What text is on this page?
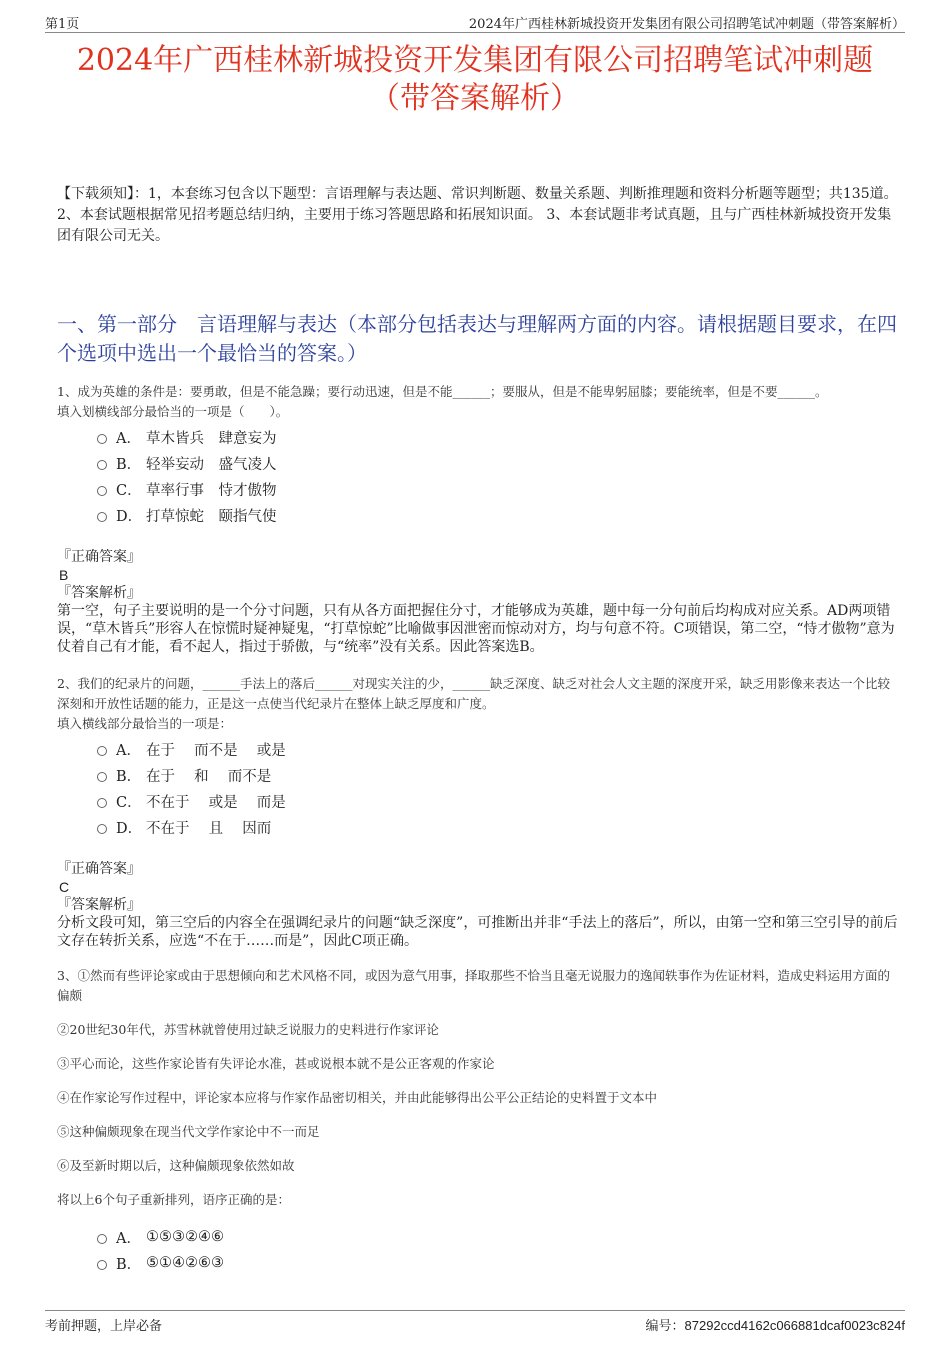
第1页	2024年广西桂林新城投资开发集团有限公司招聘笔试冲刺题（带答案解析）
2024年广西桂林新城投资开发集团有限公司招聘笔试冲刺题
（带答案解析）
【下载须知】：1，本套练习包含以下题型：言语理解与表达题、常识判断题、数量关系题、判断推理题和资料分析题等题型；共135道。 2、本套试题根据常见招考题总结归纳，主要用于练习答题思路和拓展知识面。 3、本套试题非考试真题，且与广西桂林新城投资开发集团有限公司无关。
一、第一部分　言语理解与表达（本部分包括表达与理解两方面的内容。请根据题目要求，在四个选项中选出一个最恰当的答案。）
1、成为英雄的条件是：要勇敢，但是不能急躁；要行动迅速，但是不能______；要服从，但是不能卑躬屈膝；要能统率，但是不要______。
填入划横线部分最恰当的一项是（　　）。
A． 草木皆兵　肆意妄为
B． 轻举妄动　盛气凌人
C． 草率行事　恃才傲物
D． 打草惊蛇　颐指气使
『正确答案』
B
『答案解析』
第一空，句子主要说明的是一个分寸问题，只有从各方面把握住分寸，才能够成为英雄，题中每一分句前后均构成对应关系。AD两项错误，“草木皆兵”形容人在惊慌时疑神疑鬼，“打草惊蛇”比喻做事因泄密而惊动对方，均与句意不符。C项错误，第二空，“恃才傲物”意为仗着自己有才能，看不起人，指过于骄傲，与“统率”没有关系。因此答案选B。
2、我们的纪录片的问题，______手法上的落后______对现实关注的少，______缺乏深度、缺乏对社会人文主题的深度开采，缺乏用影像来表达一个比较深刻和开放性话题的能力，正是这一点使当代纪录片在整体上缺乏厚度和广度。
填入横线部分最恰当的一项是：
A． 在于　 而不是　 或是
B． 在于　 和　 而不是
C． 不在于　 或是　 而是
D． 不在于　 且　 因而
『正确答案』
C
『答案解析』
分析文段可知，第三空后的内容全在强调纪录片的问题“缺乏深度”，可推断出并非“手法上的落后”，所以，由第一空和第三空引导的前后文存在转折关系，应选“不在于……而是”，因此C项正确。
3、①然而有些评论家或由于思想倾向和艺术风格不同，或因为意气用事，择取那些不恰当且毫无说服力的逸闻轶事作为佐证材料，造成史料运用方面的偏颇
②20世纪30年代，苏雪林就曾使用过缺乏说服力的史料进行作家评论
③平心而论，这些作家论皆有失评论水准，甚或说根本就不是公正客观的作家论
④在作家论写作过程中，评论家本应将与作家作品密切相关，并由此能够得出公平公正结论的史料置于文本中
⑤这种偏颇现象在现当代文学作家论中不一而足
⑥及至新时期以后，这种偏颇现象依然如故
将以上6个句子重新排列，语序正确的是：
A． ①⑤③②④⑥
B． ⑤①④②⑥③
考前押题，上岸必备	编号：87292ccd4162c066881dcaf0023c824f
